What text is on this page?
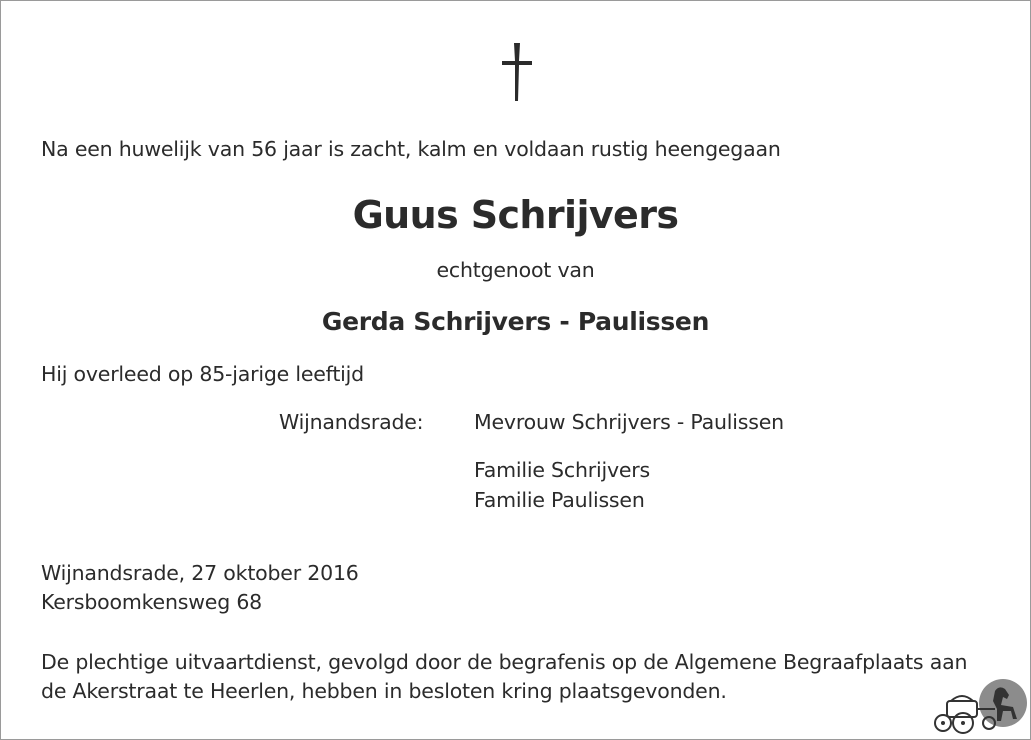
Na een huwelijk van 56 jaar is zacht, kalm en voldaan rustig heengegaan
Guus Schrijvers
echtgenoot van
Gerda Schrijvers - Paulissen
Hij overleed op 85-jarige leeftijd
Wijnandsrade: Mevrouw Schrijvers - Paulissen
Familie Schrijvers
Familie Paulissen
Wijnandsrade, 27 oktober 2016
Kersboomkensweg 68
De plechtige uitvaartdienst, gevolgd door de begrafenis op de Algemene Begraafplaats aan
de Akerstraat te Heerlen, hebben in besloten kring plaatsgevonden.
